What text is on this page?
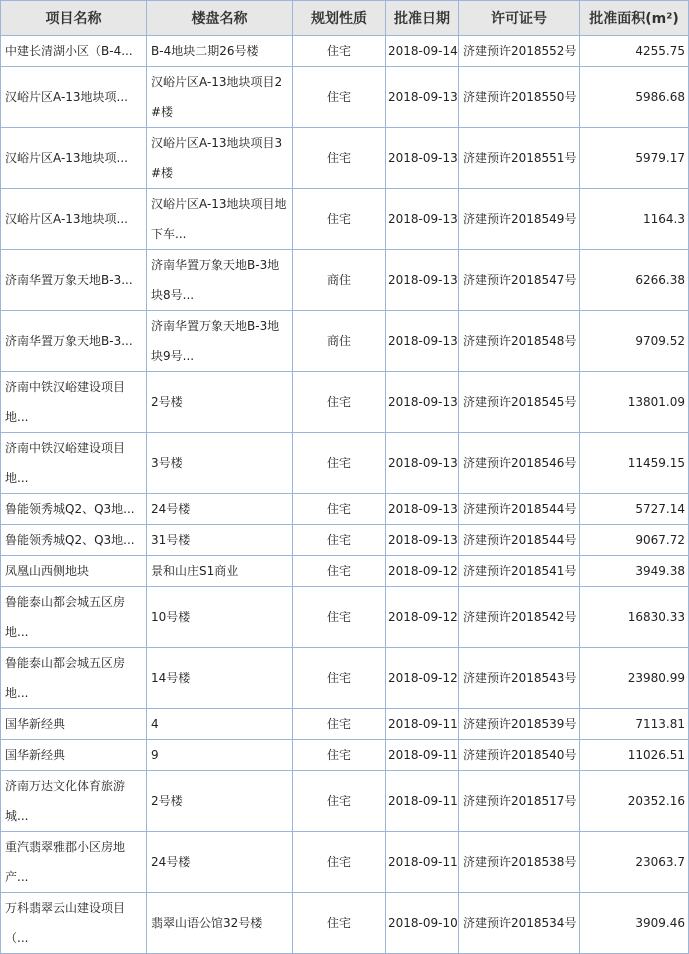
项目名称	楼盘名称	规划性质	批准日期	许可证号	批准面积(m²)
中建长清湖小区（B-4...	B-4地块二期26号楼	住宅	2018-09-14	济建预许2018552号	4255.75
汉峪片区A-13地块项...	汉峪片区A-13地块项目2#楼	住宅	2018-09-13	济建预许2018550号	5986.68
汉峪片区A-13地块项...	汉峪片区A-13地块项目3#楼	住宅	2018-09-13	济建预许2018551号	5979.17
汉峪片区A-13地块项...	汉峪片区A-13地块项目地下车...	住宅	2018-09-13	济建预许2018549号	1164.3
济南华置万象天地B-3...	济南华置万象天地B-3地块8号...	商住	2018-09-13	济建预许2018547号	6266.38
济南华置万象天地B-3...	济南华置万象天地B-3地块9号...	商住	2018-09-13	济建预许2018548号	9709.52
济南中铁汉峪建设项目地...	2号楼	住宅	2018-09-13	济建预许2018545号	13801.09
济南中铁汉峪建设项目地...	3号楼	住宅	2018-09-13	济建预许2018546号	11459.15
鲁能领秀城Q2、Q3地...	24号楼	住宅	2018-09-13	济建预许2018544号	5727.14
鲁能领秀城Q2、Q3地...	31号楼	住宅	2018-09-13	济建预许2018544号	9067.72
凤凰山西侧地块	景和山庄S1商业	住宅	2018-09-12	济建预许2018541号	3949.38
鲁能泰山都会城五区房地...	10号楼	住宅	2018-09-12	济建预许2018542号	16830.33
鲁能泰山都会城五区房地...	14号楼	住宅	2018-09-12	济建预许2018543号	23980.99
国华新经典	4	住宅	2018-09-11	济建预许2018539号	7113.81
国华新经典	9	住宅	2018-09-11	济建预许2018540号	11026.51
济南万达文化体育旅游城...	2号楼	住宅	2018-09-11	济建预许2018517号	20352.16
重汽翡翠雅郡小区房地产...	24号楼	住宅	2018-09-11	济建预许2018538号	23063.7
万科翡翠云山建设项目（...	翡翠山语公馆32号楼	住宅	2018-09-10	济建预许2018534号	3909.46
